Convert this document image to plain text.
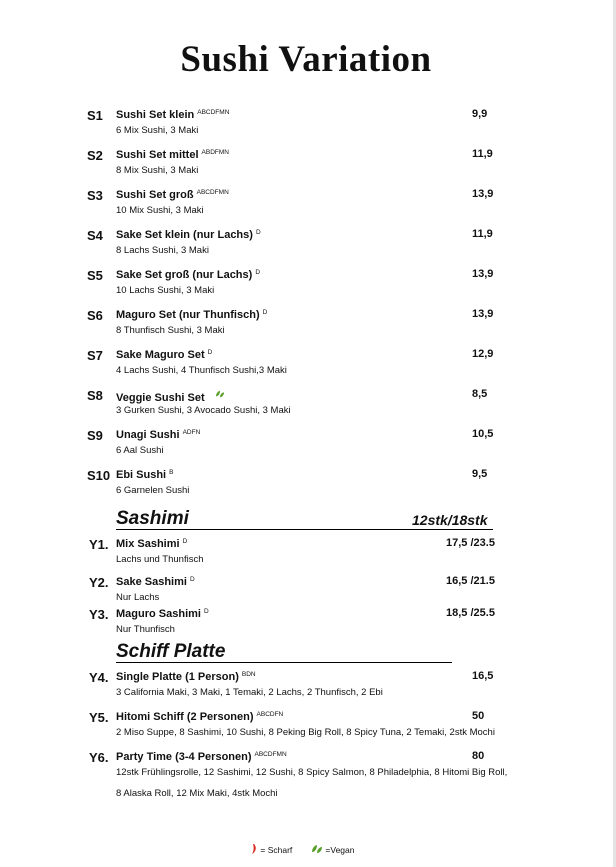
Sushi Variation
S1 Sushi Set klein $^{ABCDFMN}$
6 Mix Sushi, 3 Maki
9,9
S2 Sushi Set mittel $^{ABDFMN}$
8 Mix Sushi, 3 Maki
11,9
S3 Sushi Set groß $^{ABCDFMN}$
10 Mix Sushi, 3 Maki
13,9
S4 Sake Set klein (nur Lachs) $^D$
8 Lachs Sushi, 3 Maki
11,9
S5 Sake Set groß (nur Lachs) $^D$
10 Lachs Sushi, 3 Maki
13,9
S6 Maguro Set (nur Thunfisch) $^D$
8 Thunfisch Sushi, 3 Maki
13,9
S7 Sake Maguro Set $^D$
4 Lachs Sushi, 4 Thunfisch Sushi,3 Maki
12,9
S8 Veggie Sushi Set
3 Gurken Sushi, 3 Avocado Sushi, 3 Maki
8,5
S9 Unagi Sushi $^{ADFN}$
6 Aal Sushi
10,5
S10 Ebi Sushi $^B$
6 Garnelen Sushi
9,5
Sashimi	12stk/18stk
Y1. Mix Sashimi $^D$
Lachs und Thunfisch
17,5 /23.5
Y2. Sake Sashimi $^D$
Nur Lachs
16,5 /21.5
Y3. Maguro Sashimi $^D$
Nur Thunfisch
18,5 /25.5
Schiff Platte
Y4. Single Platte (1 Person) $^{BDN}$
3 California Maki, 3 Maki, 1 Temaki, 2 Lachs, 2 Thunfisch, 2 Ebi
16,5
Y5. Hitomi Schiff (2 Personen) $^{ABCDFN}$
2 Miso Suppe, 8 Sashimi, 10 Sushi, 8 Peking Big Roll, 8 Spicy Tuna, 2 Temaki, 2stk Mochi
50
Y6. Party Time (3-4 Personen) $^{ABCDFMN}$
12stk Frühlingsrolle, 12 Sashimi, 12 Sushi, 8 Spicy Salmon, 8 Philadelphia, 8 Hitomi Big Roll,
8 Alaska Roll, 12 Mix Maki, 4stk Mochi
80
= Scharf	=Vegan
